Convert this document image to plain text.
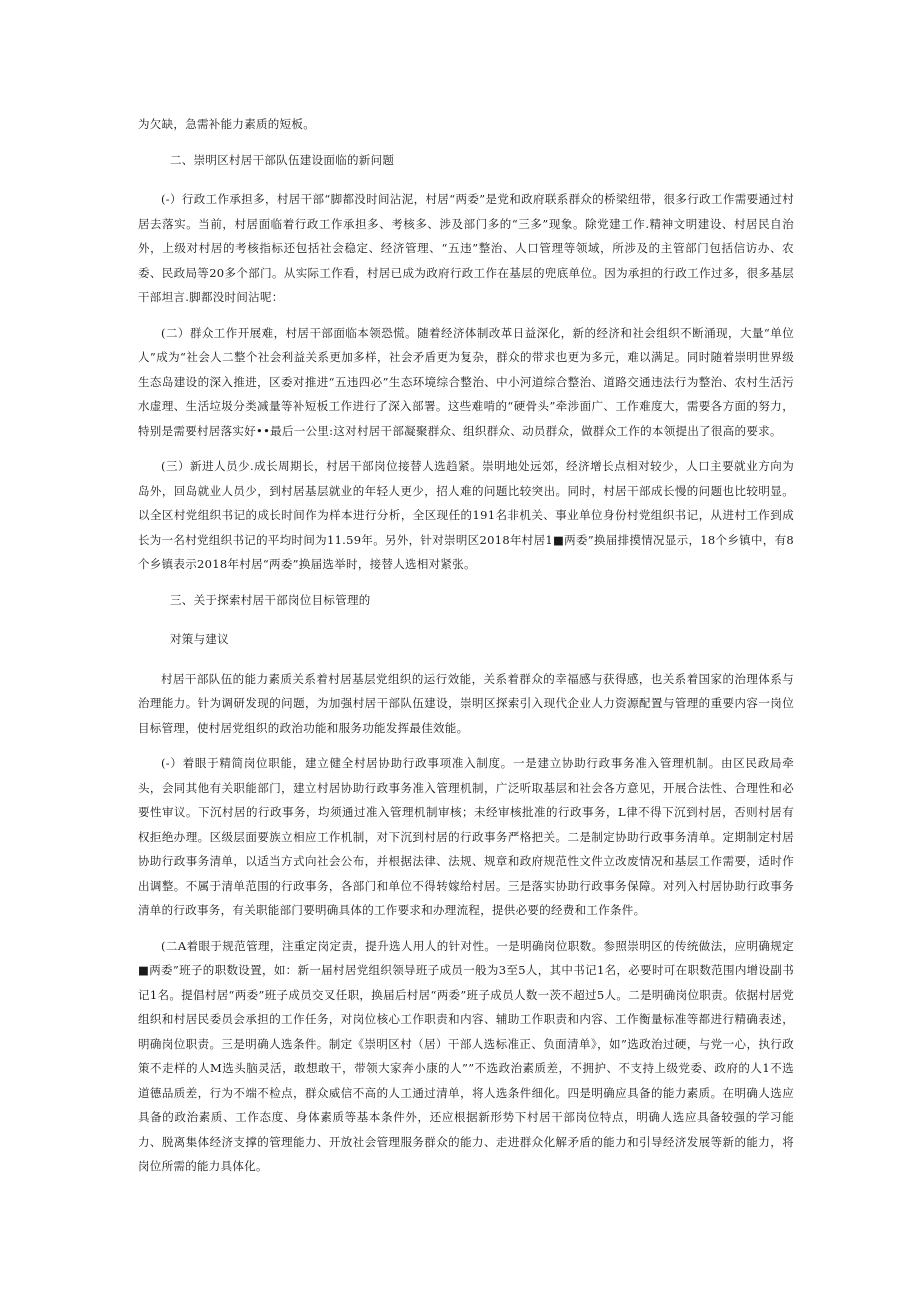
为欠缺，急需补能力素质的短板。

二、崇明区村居干部队伍建设面临的新问题

(-）行政工作承担多，村居干部“脚都没时间沾泥，村居“两委”是党和政府联系群众的桥梁纽带，很多行政工作需要通过村居去落实。当前，村居面临着行政工作承担多、考核多、涉及部门多的“三多”现象。除党建工作.精神文明建设、村居民自治外，上级对村居的考核指标还包括社会稳定、经济管理、“五违”整治、人口管理等领域，所涉及的主管部门包括信访办、农委、民政局等20多个部门。从实际工作看，村居已成为政府行政工作在基层的兜底单位。因为承担的行政工作过多，很多基层干部坦言.脚都没时间沾呢：

(二）群众工作开展难，村居干部面临本领恐慌。随着经济体制改革日益深化，新的经济和社会组织不断涌现，大量“单位人”成为“社会人二整个社会利益关系更加多样，社会矛盾更为复杂，群众的带求也更为多元，难以满足。同时随着崇明世界级生态岛建设的深入推进，区委对推进“五违四必”生态环境综合整治、中小河道综合整治、道路交通违法行为整治、农村生活污水虚理、生活垃圾分类减量等补短板工作进行了深入部署。这些难啃的“硬骨头”牵涉面广、工作难度大，需要各方面的努力，特别是需要村居落实好••最后一公里:这对村居干部凝聚群众、组织群众、动员群众，做群众工作的本领提出了很高的要求。

(三）新进人员少.成长周期长，村居干部岗位接替人选趋紧。崇明地处远郊，经济增长点相对较少，人口主要就业方向为岛外，回岛就业人员少，到村居基层就业的年轻人更少，招人难的问题比较突出。同时，村居干部成长慢的问题也比较明显。以全区村党组织书记的成长时间作为样本进行分析，全区现任的191名非机关、事业单位身份村党组织书记，从进村工作到成长为一名村党组织书记的平均时间为11.59年。另外，针对崇明区2018年村居1■两委”换届排摸情况显示，18个乡镇中，有8个乡镇表示2018年村居“两委”换届选举时，接替人选相对紧张。

三、关于探索村居干部岗位目标管理的

对策与建议

村居干部队伍的能力素质关系着村居基层党组织的运行效能，关系着群众的幸福感与获得感，也关系着国家的治理体系与治理能力。针为调研发现的问题，为加强村居干部队伍建设，崇明区探索引入现代企业人力资源配置与管理的重要内容一岗位目标管理，使村居党组织的政治功能和服务功能发挥最佳效能。

(-）着眼于精简岗位职能，建立健全村居协助行政事项准入制度。一是建立协助行政事务准入管理机制。由区民政局牵头，会同其他有关职能部门，建立村居协助行政事务准入管理机制，广泛听取基层和社会各方意见，开展合法性、合理性和必要性审议。下沉村居的行政事务，均须通过准入管理机制审核；未经审核批准的行政事务，L律不得下沉到村居，否则村居有权拒绝办理。区级层面要族立相应工作机制，对下沉到村居的行政事务严格把关。二是制定协助行政事务清单。定期制定村居协助行政事务清单，以适当方式向社会公布，并根据法律、法规、规章和政府规范性文件立改废情况和基层工作需要，适时作出调整。不属于清单范围的行政事务，各部门和单位不得转嫁给村居。三是落实协助行政事务保障。对列入村居协助行政事务清单的行政事务，有关职能部门要明确具体的工作要求和办理流程，提供必要的经费和工作条件。

(二A着眼于规范管理，注重定岗定责，提升选人用人的针对性。一是明确岗位职数。参照崇明区的传统做法，应明确规定■两委”班子的职数设置，如：新一届村居党组织领导班子成员一般为3至5人，其中书记1名，必要时可在职数范围内增设副书记1名。提倡村居“两委”班子成员交叉任职，换届后村居“两委”班子成员人数一茨不超过5人。二是明确岗位职责。依据村居党组织和村居民委员会承担的工作任务，对岗位核心工作职责和内容、辅助工作职责和内容、工作衡量标准等都进行精确表述，明确岗位职责。三是明确人选条件。制定《崇明区村（居）干部人选标准正、负面清单》，如”选政治过硬，与党一心，执行政策不走样的人M选头脑灵活，敢想敢干，带领大家奔小康的人””不选政治素质差，不拥护、不支持上级党委、政府的人1不选道德品质差，行为不端不检点，群众威信不高的人工通过清单，将人选条件细化。四是明确应具备的能力素质。在明确人选应具备的政治素质、工作态度、身体素质等基本条件外，还应根据新形势下村居干部岗位特点，明确人选应具备较强的学习能力、脱离集体经济支撑的管理能力、开放社会管理服务群众的能力、走进群众化解矛盾的能力和引导经济发展等新的能力，将岗位所需的能力具体化。
